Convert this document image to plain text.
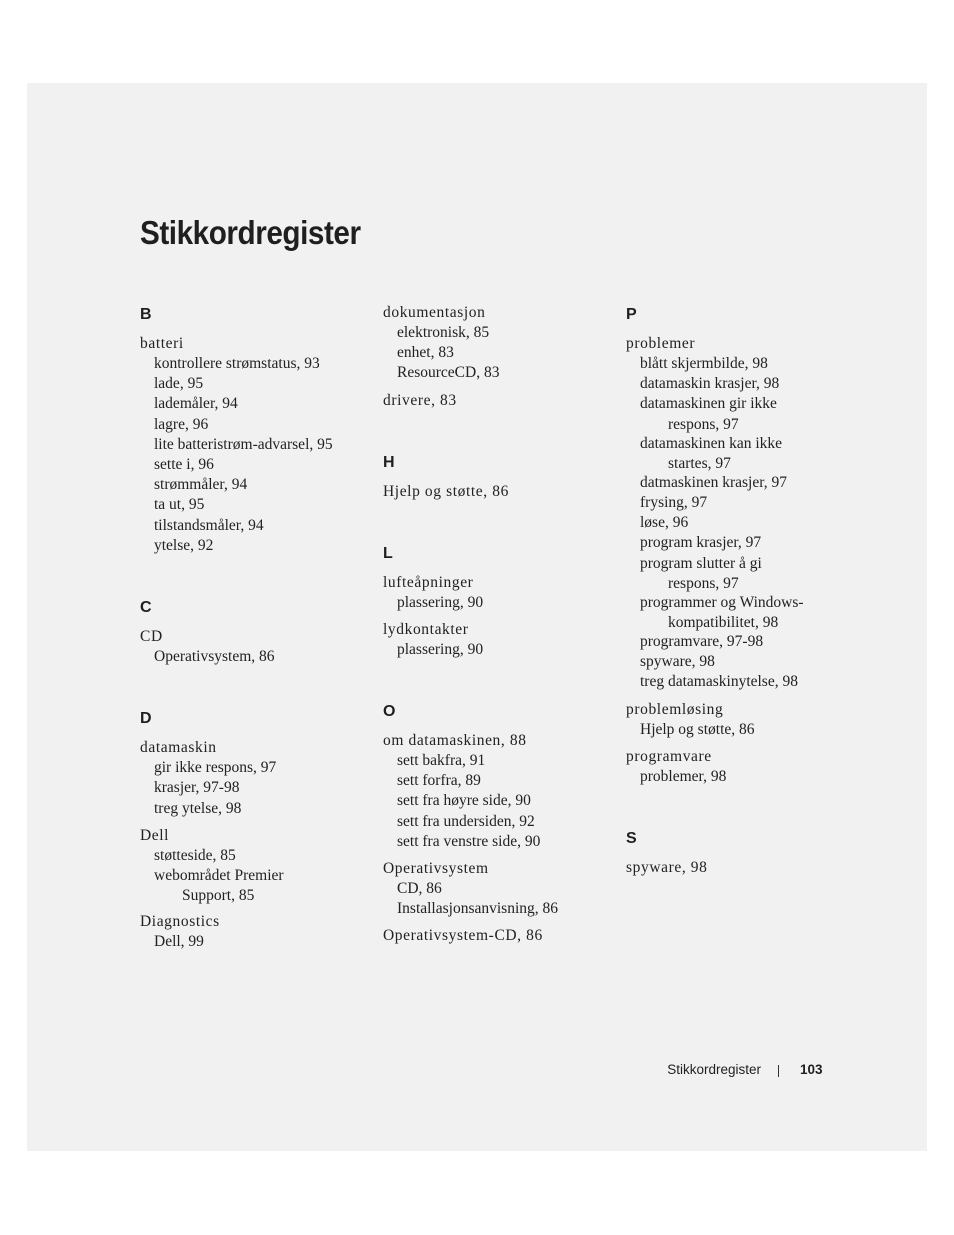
Stikkordregister
B
batteri
kontrollere strømstatus, 93
lade, 95
lademåler, 94
lagre, 96
lite batteristrøm-advarsel, 95
sette i, 96
strømmåler, 94
ta ut, 95
tilstandsmåler, 94
ytelse, 92
C
CD
Operativsystem, 86
D
datamaskin
gir ikke respons, 97
krasjer, 97-98
treg ytelse, 98
Dell
støtteside, 85
webområdet Premier
Support, 85
Diagnostics
Dell, 99
dokumentasjon
elektronisk, 85
enhet, 83
ResourceCD, 83
drivere, 83
H
Hjelp og støtte, 86
L
lufteåpninger
plassering, 90
lydkontakter
plassering, 90
O
om datamaskinen, 88
sett bakfra, 91
sett forfra, 89
sett fra høyre side, 90
sett fra undersiden, 92
sett fra venstre side, 90
Operativsystem
CD, 86
Installasjonsanvisning, 86
Operativsystem-CD, 86
P
problemer
blått skjermbilde, 98
datamaskin krasjer, 98
datamaskinen gir ikke
respons, 97
datamaskinen kan ikke
startes, 97
datmaskinen krasjer, 97
frysing, 97
løse, 96
program krasjer, 97
program slutter å gi
respons, 97
programmer og Windows-
kompatibilitet, 98
programvare, 97-98
spyware, 98
treg datamaskinytelse, 98
problemløsing
Hjelp og støtte, 86
programvare
problemer, 98
S
spyware, 98
Stikkordregister	103
